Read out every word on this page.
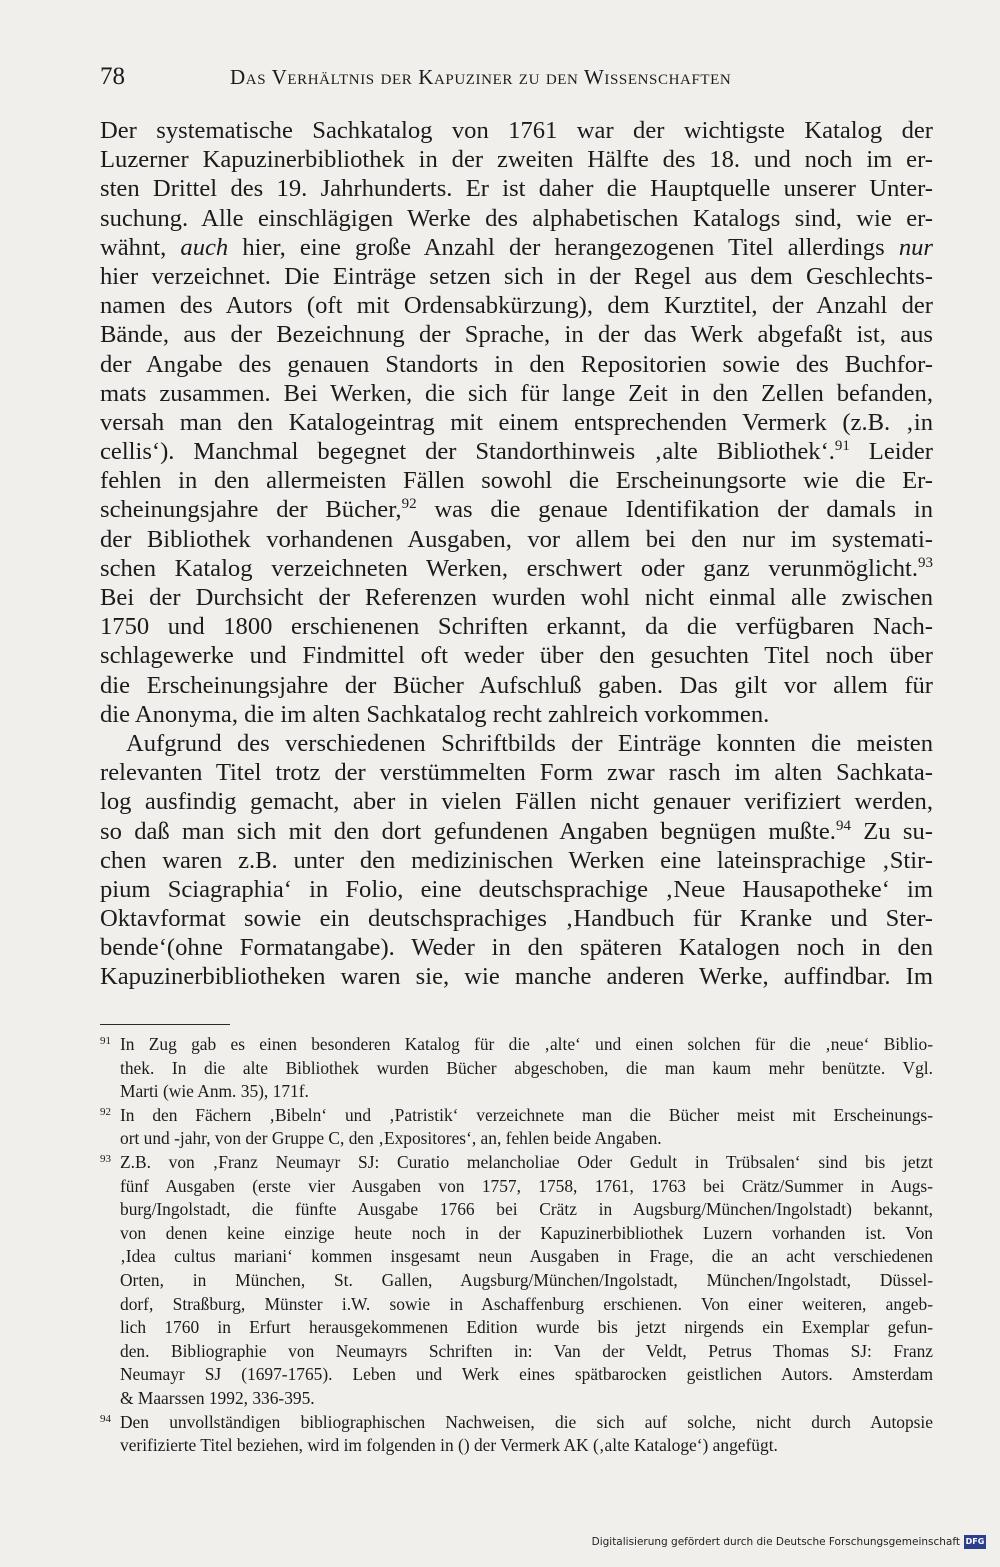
78	Das Verhältnis der Kapuziner zu den Wissenschaften
Der systematische Sachkatalog von 1761 war der wichtigste Katalog der
Luzerner Kapuzinerbibliothek in der zweiten Hälfte des 18. und noch im er-
sten Drittel des 19. Jahrhunderts. Er ist daher die Hauptquelle unserer Unter-
suchung. Alle einschlägigen Werke des alphabetischen Katalogs sind, wie er-
wähnt, auch hier, eine große Anzahl der herangezogenen Titel allerdings nur
hier verzeichnet. Die Einträge setzen sich in der Regel aus dem Geschlechts-
namen des Autors (oft mit Ordensabkürzung), dem Kurztitel, der Anzahl der
Bände, aus der Bezeichnung der Sprache, in der das Werk abgefaßt ist, aus
der Angabe des genauen Standorts in den Repositorien sowie des Buchfor-
mats zusammen. Bei Werken, die sich für lange Zeit in den Zellen befanden,
versah man den Katalogeintrag mit einem entsprechenden Vermerk (z.B. ‚in
cellis‘). Manchmal begegnet der Standorthinweis ‚alte Bibliothek‘.$^{91}$ Leider
fehlen in den allermeisten Fällen sowohl die Erscheinungsorte wie die Er-
scheinungsjahre der Bücher,$^{92}$ was die genaue Identifikation der damals in
der Bibliothek vorhandenen Ausgaben, vor allem bei den nur im systemati-
schen Katalog verzeichneten Werken, erschwert oder ganz verunmöglicht.$^{93}$
Bei der Durchsicht der Referenzen wurden wohl nicht einmal alle zwischen
1750 und 1800 erschienenen Schriften erkannt, da die verfügbaren Nach-
schlagewerke und Findmittel oft weder über den gesuchten Titel noch über
die Erscheinungsjahre der Bücher Aufschluß gaben. Das gilt vor allem für
die Anonyma, die im alten Sachkatalog recht zahlreich vorkommen.
Aufgrund des verschiedenen Schriftbilds der Einträge konnten die meisten
relevanten Titel trotz der verstümmelten Form zwar rasch im alten Sachkata-
log ausfindig gemacht, aber in vielen Fällen nicht genauer verifiziert werden,
so daß man sich mit den dort gefundenen Angaben begnügen mußte.$^{94}$ Zu su-
chen waren z.B. unter den medizinischen Werken eine lateinsprachige ‚Stir-
pium Sciagraphia‘ in Folio, eine deutschsprachige ‚Neue Hausapotheke‘ im
Oktavformat sowie ein deutschsprachiges ‚Handbuch für Kranke und Ster-
bende‘(ohne Formatangabe). Weder in den späteren Katalogen noch in den
Kapuzinerbibliotheken waren sie, wie manche anderen Werke, auffindbar. Im
91 In Zug gab es einen besonderen Katalog für die ‚alte‘ und einen solchen für die ‚neue‘ Biblio-
thek. In die alte Bibliothek wurden Bücher abgeschoben, die man kaum mehr benützte. Vgl.
Marti (wie Anm. 35), 171f.
92 In den Fächern ‚Bibeln‘ und ‚Patristik‘ verzeichnete man die Bücher meist mit Erscheinungs-
ort und -jahr, von der Gruppe C, den ‚Expositores‘, an, fehlen beide Angaben.
93 Z.B. von ‚Franz Neumayr SJ: Curatio melancholiae Oder Gedult in Trübsalen‘ sind bis jetzt
fünf Ausgaben (erste vier Ausgaben von 1757, 1758, 1761, 1763 bei Crätz/Summer in Augs-
burg/Ingolstadt, die fünfte Ausgabe 1766 bei Crätz in Augsburg/München/Ingolstadt) bekannt,
von denen keine einzige heute noch in der Kapuzinerbibliothek Luzern vorhanden ist. Von
‚Idea cultus mariani‘ kommen insgesamt neun Ausgaben in Frage, die an acht verschiedenen
Orten, in München, St. Gallen, Augsburg/München/Ingolstadt, München/Ingolstadt, Düssel-
dorf, Straßburg, Münster i.W. sowie in Aschaffenburg erschienen. Von einer weiteren, angeb-
lich 1760 in Erfurt herausgekommenen Edition wurde bis jetzt nirgends ein Exemplar gefun-
den. Bibliographie von Neumayrs Schriften in: Van der Veldt, Petrus Thomas SJ: Franz
Neumayr SJ (1697-1765). Leben und Werk eines spätbarocken geistlichen Autors. Amsterdam
& Maarssen 1992, 336-395.
94 Den unvollständigen bibliographischen Nachweisen, die sich auf solche, nicht durch Autopsie
verifizierte Titel beziehen, wird im folgenden in () der Vermerk AK (‚alte Kataloge‘) angefügt.
Digitalisierung gefördert durch die Deutsche Forschungsgemeinschaft DFG
